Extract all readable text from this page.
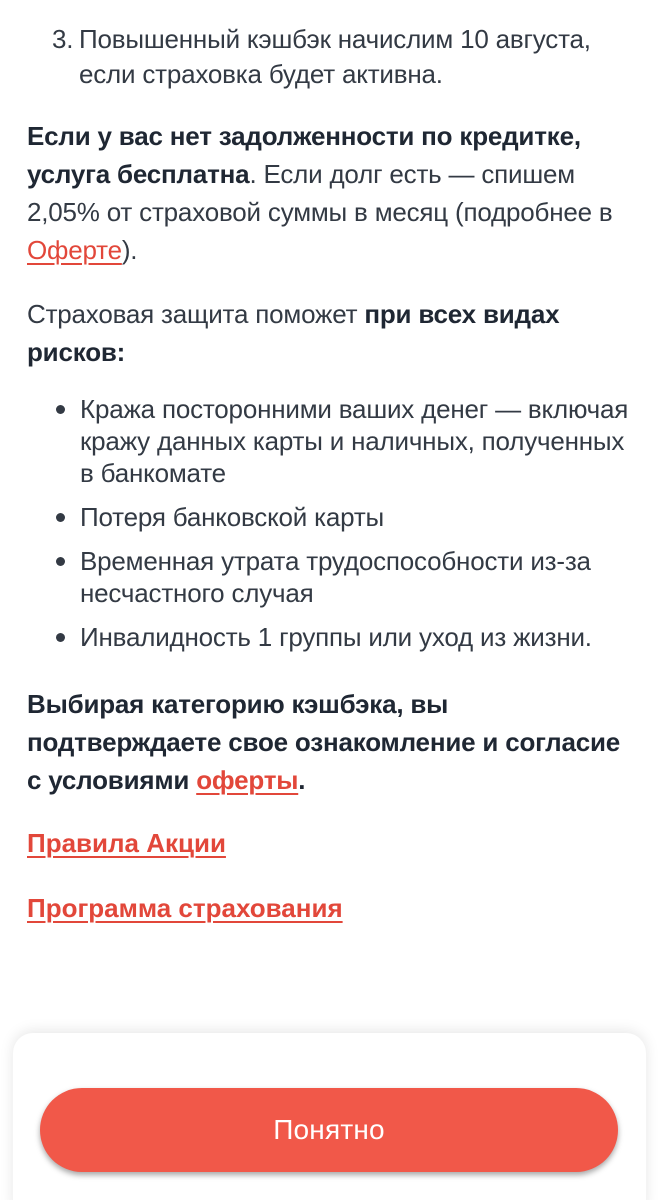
3. Повышенный кэшбэк начислим 10 августа, если страховка будет активна.
Если у вас нет задолженности по кредитке, услуга бесплатна. Если долг есть — спишем 2,05% от страховой суммы в месяц (подробнее в Оферте).
Страховая защита поможет при всех видах рисков:
Кража посторонними ваших денег — включая кражу данных карты и наличных, полученных в банкомате
Потеря банковской карты
Временная утрата трудоспособности из-за несчастного случая
Инвалидность 1 группы или уход из жизни.
Выбирая категорию кэшбэка, вы подтверждаете свое ознакомление и согласие с условиями оферты.
Правила Акции
Программа страхования
Понятно
